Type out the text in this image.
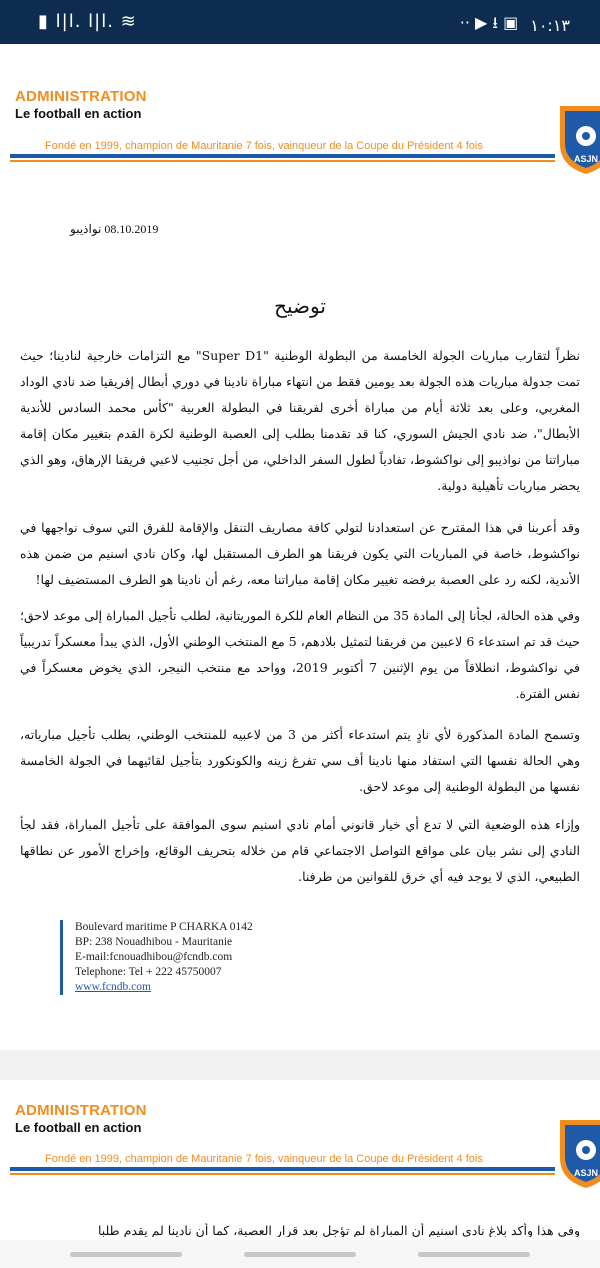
▮ l|l. l|l. ≋	·· ▶ ⭳ ▣ ١٠:١٣
ADMINISTRATION
Le football en action
Fondé en 1999, champion de Mauritanie 7 fois, vainqueur de la Coupe du Président 4 fois
ASJN
08.10.2019 نواذيبو
توضيح
نظراً لتقارب مباريات الجولة الخامسة من البطولة الوطنية "Super D1" مع التزامات خارجية لنادينا؛ حيث تمت جدولة مباريات هذه الجولة بعد يومين فقط من انتهاء مباراة نادينا في دوري أبطال إفريقيا ضد نادي الوداد المغربي، وعلى بعد ثلاثة أيام من مباراة أخرى لفريقنا في البطولة العربية "كأس محمد السادس للأندية الأبطال"، ضد نادي الجيش السوري، كنا قد تقدمنا بطلب إلى العصبة الوطنية لكرة القدم بتغيير مكان إقامة مباراتنا من نواذيبو إلى نواكشوط، تفادياً لطول السفر الداخلي، من أجل تجنيب لاعبي فريقنا الإرهاق، وهو الذي يحضر مباريات تأهيلية دولية.
وقد أعربنا في هذا المقترح عن استعدادنا لتولي كافة مصاريف التنقل والإقامة للفرق التي سوف نواجهها في نواكشوط، خاصة في المباريات التي يكون فريقنا هو الطرف المستقبل لها، وكان نادي اسنيم من ضمن هذه الأندية، لكنه رد على العصبة برفضه تغيير مكان إقامة مباراتنا معه، رغم أن نادينا هو الطرف المستضيف لها!
وفي هذه الحالة، لجأنا إلى المادة 35 من النظام العام للكرة الموريتانية، لطلب تأجيل المباراة إلى موعد لاحق؛ حيث قد تم استدعاء 6 لاعبين من فريقنا لتمثيل بلادهم، 5 مع المنتخب الوطني الأول، الذي يبدأ معسكراً تدريبياً في نواكشوط، انطلاقاً من يوم الإثنين 7 أكتوبر 2019، وواحد مع منتخب النيجر، الذي يخوض معسكراً في نفس الفترة.
وتسمح المادة المذكورة لأي نادٍ يتم استدعاء أكثر من 3 من لاعبيه للمنتخب الوطني، بطلب تأجيل مبارياته، وهي الحالة نفسها التي استفاد منها نادينا أف سي تفرغ زينه والكونكورد بتأجيل لقائيهما في الجولة الخامسة نفسها من البطولة الوطنية إلى موعد لاحق.
وإزاء هذه الوضعية التي لا تدع أي خيار قانوني أمام نادي اسنيم سوى الموافقة على تأجيل المباراة، فقد لجأ النادي إلى نشر بيان على مواقع التواصل الاجتماعي قام من خلاله بتحريف الوقائع، وإخراج الأمور عن نطاقها الطبيعي، الذي لا يوجد فيه أي خرق للقوانين من طرفنا.
Boulevard maritime P CHARKA 0142
BP: 238 Nouadhibou - Mauritanie
E-mail:fcnouadhibou@fcndb.com
Telephone: Tel + 222 45750007
www.fcndb.com
ADMINISTRATION
Le football en action
Fondé en 1999, champion de Mauritanie 7 fois, vainqueur de la Coupe du Président 4 fois
ASJN
وفي هذا وأكد بلاغ نادي اسنيم أن المباراة لم تؤجل بعد قرار العصبة، كما أن نادينا لم يقدم طلبا
